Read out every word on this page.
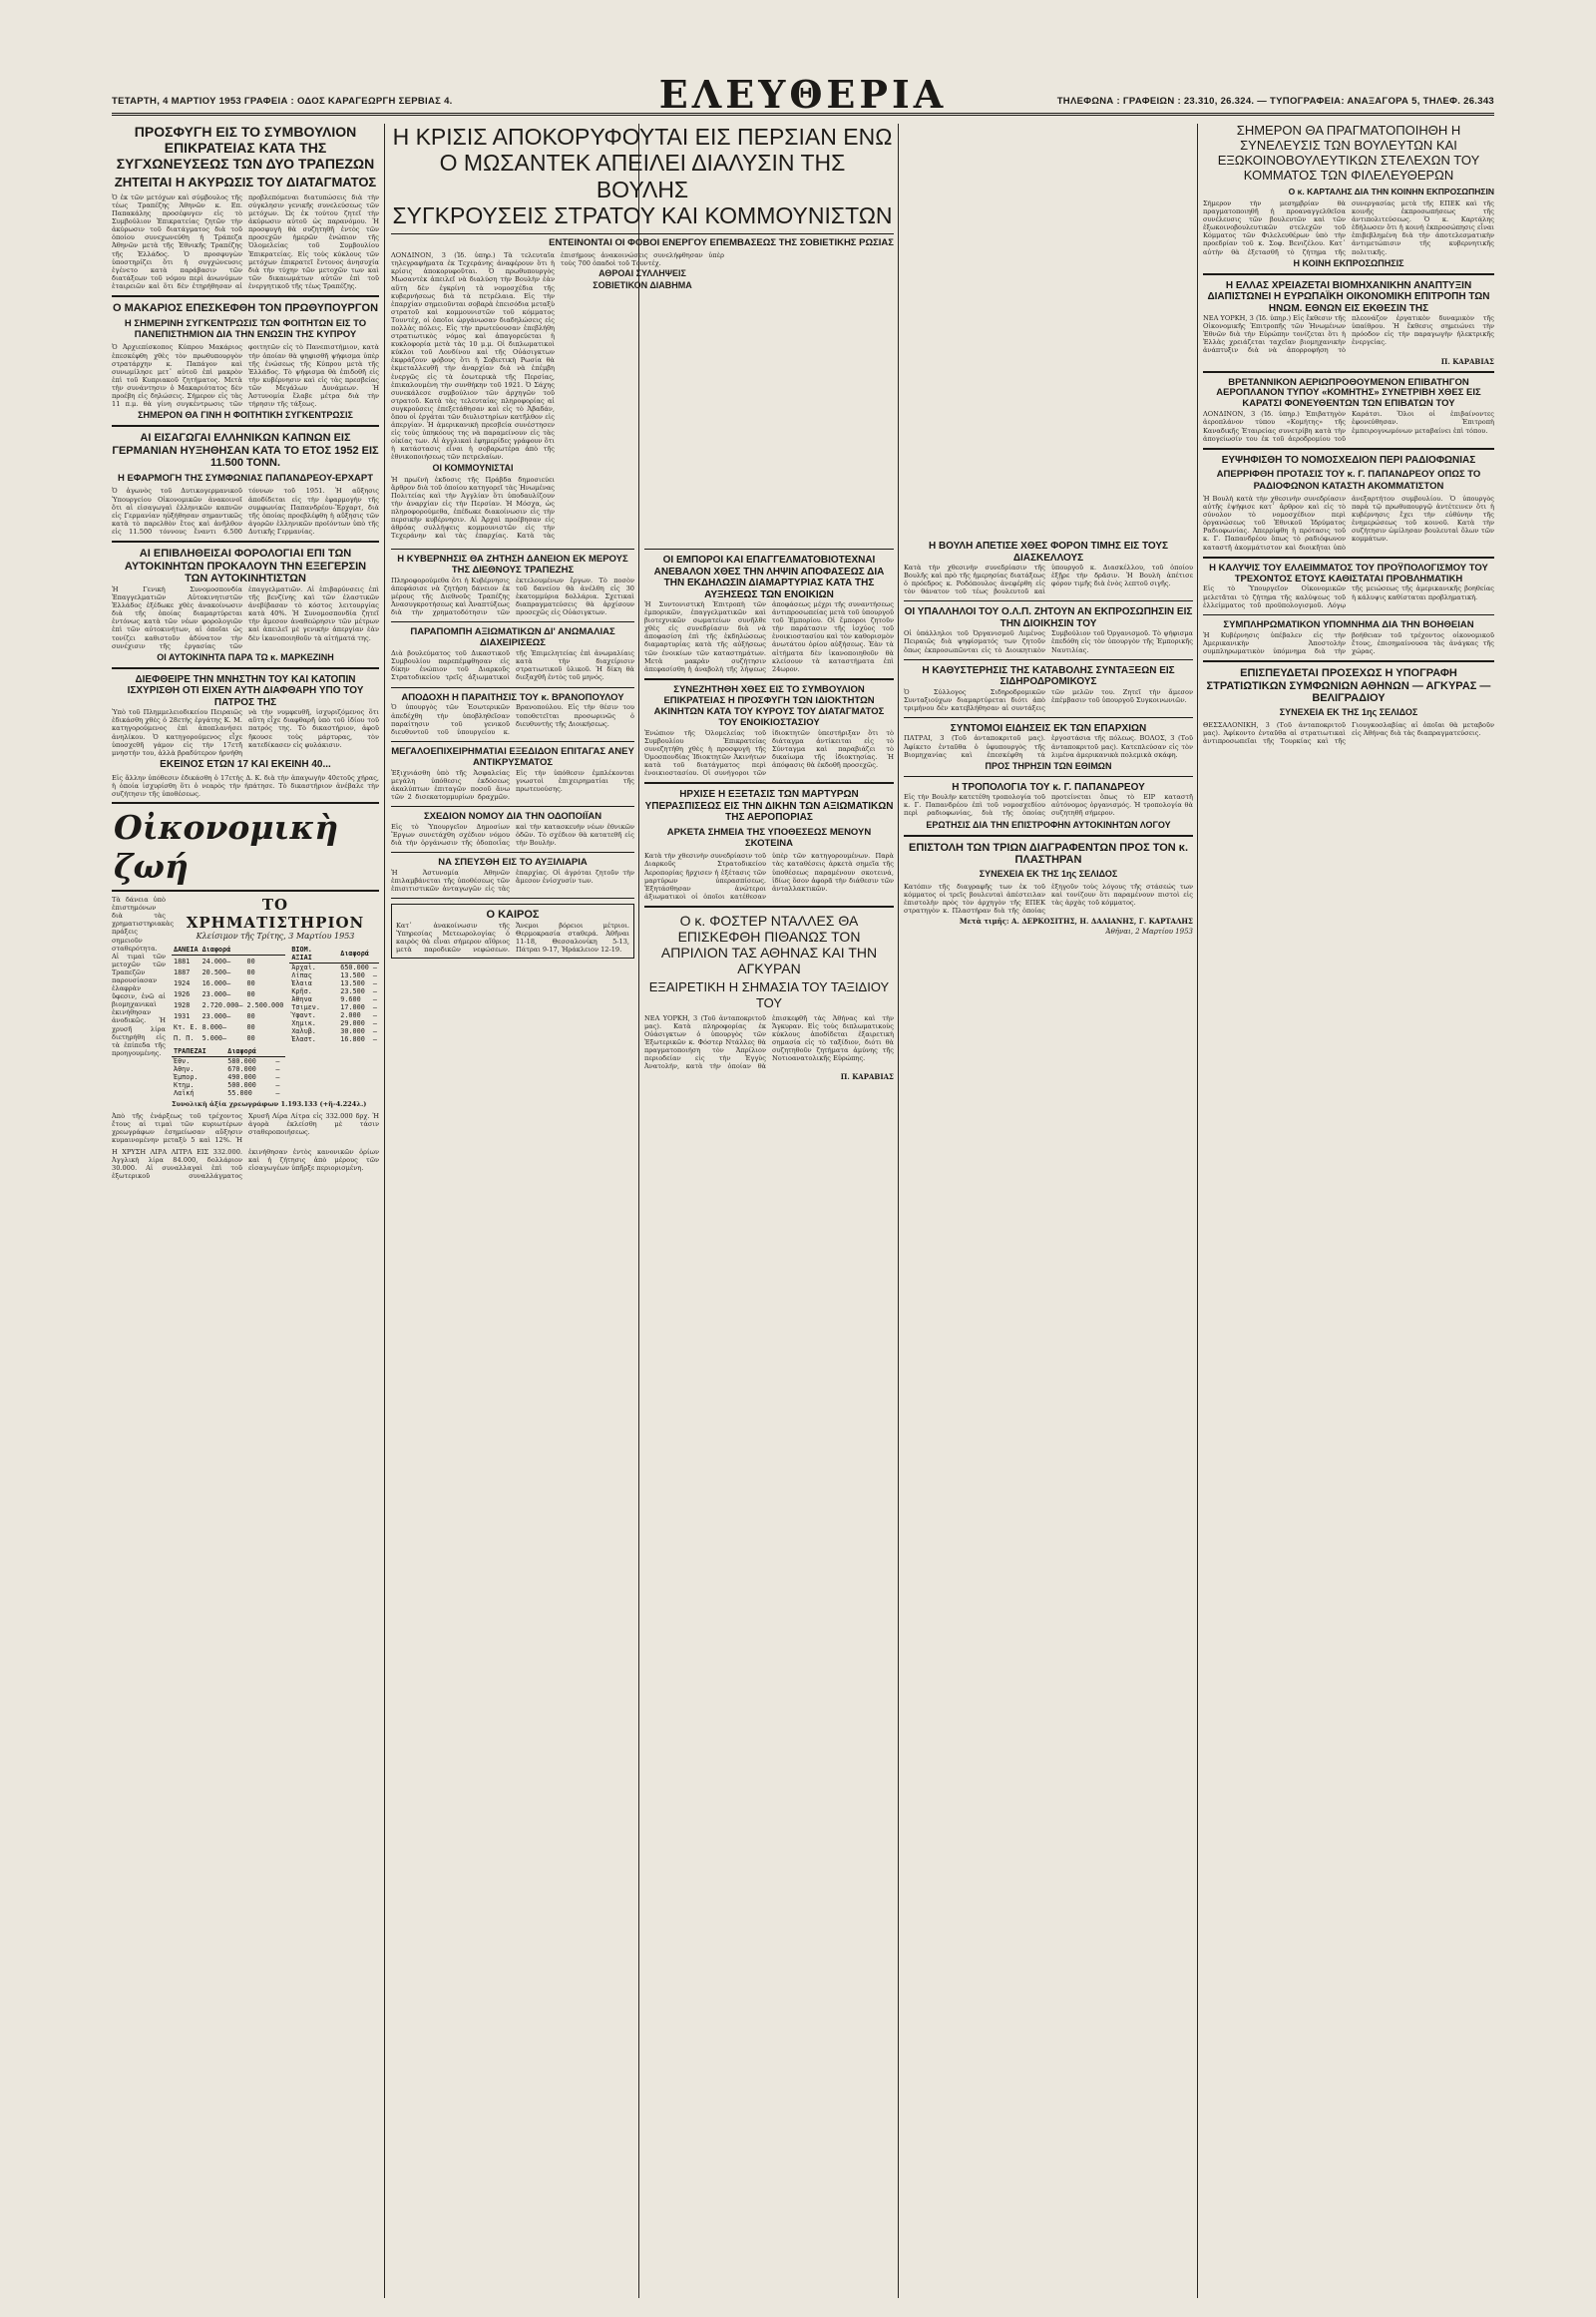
ΤΕΤΑΡΤΗ, 4 ΜΑΡΤΙΟΥ 1953 ΓΡΑΦΕΙΑ : ΟΔΟΣ ΚΑΡΑΓΕΩΡΓΗ ΣΕΡΒΙΑΣ 4.	ΕΛΕΥΘΕΡΙΑ	ΤΗΛΕΦΩΝΑ : ΓΡΑΦΕΙΩΝ : 23.310, 26.324. — ΤΥΠΟΓΡΑΦΕΙΑ: ΑΝΑΞΑΓΟΡΑ 5, ΤΗΛΕΦ. 26.343
ΠΡΟΣΦΥΓΗ ΕΙΣ ΤΟ ΣΥΜΒΟΥΛΙΟΝ ΕΠΙΚΡΑΤΕΙΑΣ ΚΑΤΑ ΤΗΣ ΣΥΓΧΩΝΕΥΣΕΩΣ ΤΩΝ ΔΥΟ ΤΡΑΠΕΖΩΝ
ΖΗΤΕΙΤΑΙ Η ΑΚΥΡΩΣΙΣ ΤΟΥ ΔΙΑΤΑΓΜΑΤΟΣ
Ὁ ἐκ τῶν μετόχων καὶ σύμβουλος τῆς τέως Τραπέζης Ἀθηνῶν κ. Επ. Παπακάλης προσέφυγεν εἰς τὸ Συμβούλιον Ἐπικρατείας ζητῶν τὴν ἀκύρωσιν τοῦ διατάγματος διὰ τοῦ ὁποίου συνεχωνεύθη ἡ Τράπεζα Ἀθηνῶν μετὰ τῆς Ἐθνικῆς Τραπέζης τῆς Ἑλλάδος. Ὁ προσφυγὼν ὑποστηρίζει ὅτι ἡ συγχώνευσις ἐγένετο κατὰ παράβασιν τῶν διατάξεων τοῦ νόμου περὶ ἀνωνύμων ἑταιρειῶν καὶ ὅτι δὲν ἐτηρήθησαν αἱ προβλεπόμεναι διατυπώσεις διὰ τὴν σύγκλησιν γενικῆς συνελεύσεως τῶν μετόχων. Ὡς ἐκ τούτου ζητεῖ τὴν ἀκύρωσιν αὐτοῦ ὡς παρανόμου. Ἡ προσφυγὴ θὰ συζητηθῆ ἐντὸς τῶν προσεχῶν ἡμερῶν ἐνώπιον τῆς Ὁλομελείας τοῦ Συμβουλίου Ἐπικρατείας. Εἰς τοὺς κύκλους τῶν μετόχων ἐπικρατεῖ ἔντονος ἀνησυχία διὰ τὴν τύχην τῶν μετοχῶν των καὶ τῶν δικαιωμάτων αὐτῶν ἐπὶ τοῦ ἐνεργητικοῦ τῆς τέως Τραπέζης.
Ο ΜΑΚΑΡΙΟΣ ΕΠΕΣΚΕΦΘΗ ΤΟΝ ΠΡΩΘΥΠΟΥΡΓΟΝ
Η ΣΗΜΕΡΙΝΗ ΣΥΓΚΕΝΤΡΩΣΙΣ ΤΩΝ ΦΟΙΤΗΤΩΝ ΕΙΣ ΤΟ ΠΑΝΕΠΙΣΤΗΜΙΟΝ ΔΙΑ ΤΗΝ ΕΝΩΣΙΝ ΤΗΣ ΚΥΠΡΟΥ
Ὁ Ἀρχιεπίσκοπος Κύπρου Μακάριος ἐπεσκέφθη χθὲς τὸν πρωθυπουργὸν στρατάρχην κ. Παπάγον καὶ συνωμίλησε μετ᾽ αὐτοῦ ἐπὶ μακρὸν ἐπὶ τοῦ Κυπριακοῦ ζητήματος. Μετὰ τὴν συνάντησιν ὁ Μακαριότατος δὲν προέβη εἰς δηλώσεις. Σήμερον εἰς τὰς 11 π.μ. θὰ γίνη συγκέντρωσις τῶν φοιτητῶν εἰς τὸ Πανεπιστήμιον, κατὰ τὴν ὁποίαν θὰ ψηφισθῆ ψήφισμα ὑπὲρ τῆς ἑνώσεως τῆς Κύπρου μετὰ τῆς Ἑλλάδος. Τὸ ψήφισμα θὰ ἐπιδοθῆ εἰς τὴν κυβέρνησιν καὶ εἰς τὰς πρεσβείας τῶν Μεγάλων Δυνάμεων. Ἡ Ἀστυνομία ἔλαβε μέτρα διὰ τὴν τήρησιν τῆς τάξεως.
ΣΗΜΕΡΟΝ ΘΑ ΓΙΝΗ Η ΦΟΙΤΗΤΙΚΗ ΣΥΓΚΕΝΤΡΩΣΙΣ
ΑΙ ΕΙΣΑΓΩΓΑΙ ΕΛΛΗΝΙΚΩΝ ΚΑΠΝΩΝ ΕΙΣ ΓΕΡΜΑΝΙΑΝ ΗΥΞΗΘΗΣΑΝ ΚΑΤΑ ΤΟ ΕΤΟΣ 1952 ΕΙΣ 11.500 ΤΟΝΝ.
Η ΕΦΑΡΜΟΓΗ ΤΗΣ ΣΥΜΦΩΝΙΑΣ ΠΑΠΑΝΔΡΕΟΥ-ΕΡΧΑΡΤ
Ὁ ἀγωνὸς τοῦ Δυτικογερμανικοῦ Ὑπουργείου Οἰκονομικῶν ἀνακοινοῖ ὅτι αἱ εἰσαγωγαὶ ἑλληνικῶν καπνῶν εἰς Γερμανίαν ηὐξήθησαν σημαντικῶς κατὰ τὸ παρελθὸν ἔτος καὶ ἀνῆλθον εἰς 11.500 τόννους ἔναντι 6.500 τόννων τοῦ 1951. Ἡ αὔξησις ἀποδίδεται εἰς τὴν ἐφαρμογὴν τῆς συμφωνίας Παπανδρέου-Ἔρχαρτ, διὰ τῆς ὁποίας προεβλέφθη ἡ αὔξησις τῶν ἀγορῶν ἑλληνικῶν προϊόντων ὑπὸ τῆς Δυτικῆς Γερμανίας.
ΑΙ ΕΠΙΒΛΗΘΕΙΣΑΙ ΦΟΡΟΛΟΓΙΑΙ ΕΠΙ ΤΩΝ ΑΥΤΟΚΙΝΗΤΩΝ ΠΡΟΚΑΛΟΥΝ ΤΗΝ ΕΞΕΓΕΡΣΙΝ ΤΩΝ ΑΥΤΟΚΙΝΗΤΙΣΤΩΝ
Ἡ Γενικὴ Συνομοσπονδία Ἐπαγγελματιῶν Αὐτοκινητιστῶν Ἑλλάδος ἐξέδωκε χθὲς ἀνακοίνωσιν διὰ τῆς ὁποίας διαμαρτύρεται ἐντόνως κατὰ τῶν νέων φορολογιῶν ἐπὶ τῶν αὐτοκινήτων, αἱ ὁποῖαι ὡς τονίζει καθιστοῦν ἀδύνατον τὴν συνέχισιν τῆς ἐργασίας τῶν ἐπαγγελματιῶν. Αἱ ἐπιβαρύνσεις ἐπὶ τῆς βενζίνης καὶ τῶν ἐλαστικῶν ἀνεβίβασαν τὸ κόστος λειτουργίας κατὰ 40%. Ἡ Συνομοσπονδία ζητεῖ τὴν ἄμεσον ἀναθεώρησιν τῶν μέτρων καὶ ἀπειλεῖ μὲ γενικὴν ἀπεργίαν ἐὰν δὲν ἱκανοποιηθοῦν τὰ αἰτήματά της.
ΟΙ ΑΥΤΟΚΙΝΗΤΑ ΠΑΡΑ ΤΩ κ. ΜΑΡΚΕΖΙΝΗ
ΔΙΕΦΘΕΙΡΕ ΤΗΝ ΜΝΗΣΤΗΝ ΤΟΥ ΚΑΙ ΚΑΤΟΠΙΝ ΙΣΧΥΡΙΣΘΗ ΟΤΙ ΕΙΧΕΝ ΑΥΤΗ ΔΙΑΦΘΑΡΗ ΥΠΟ ΤΟΥ ΠΑΤΡΟΣ ΤΗΣ
Ὑπὸ τοῦ Πλημμελειοδικείου Πειραιῶς ἐδικάσθη χθὲς ὁ 28ετὴς ἐργάτης Κ. Μ. κατηγορούμενος ἐπὶ ἀποπλανήσει ἀνηλίκου. Ὁ κατηγορούμενος εἶχε ὑποσχεθῆ γάμον εἰς τὴν 17ετῆ μνηστήν του, ἀλλὰ βραδύτερον ἠρνήθη νὰ τὴν νυμφευθῆ, ἰσχυριζόμενος ὅτι αὕτη εἶχε διαφθαρῆ ὑπὸ τοῦ ἰδίου τοῦ πατρός της. Τὸ δικαστήριον, ἀφοῦ ἤκουσε τοὺς μάρτυρας, τὸν κατεδίκασεν εἰς φυλάκισιν.
ΕΚΕΙΝΟΣ ΕΤΩΝ 17 ΚΑΙ ΕΚΕΙΝΗ 40...
Εἰς ἄλλην ὑπόθεσιν ἐδικάσθη ὁ 17ετὴς Δ. Κ. διὰ τὴν ἀπαγωγὴν 40ετοῦς χήρας, ἡ ὁποία ἰσχυρίσθη ὅτι ὁ νεαρὸς τὴν ἠπάτησε. Τὸ δικαστήριον ἀνέβαλε τὴν συζήτησιν τῆς ὑποθέσεως.
Οἰκονομικὴ ζωή
Τὰ δάνεια ὑπὸ ἐπιστημόνων διὰ τὰς χρηματιστηριακὰς πράξεις σημειοῦν σταθερότητα. Αἱ τιμαὶ τῶν μετοχῶν τῶν Τραπεζῶν παρουσίασαν ἐλαφρὰν ὕφεσιν, ἐνῶ αἱ βιομηχανικαὶ ἐκινήθησαν ἀνοδικῶς. Ἡ χρυσῆ λίρα διετηρήθη εἰς τὰ ἐπίπεδα τῆς προηγουμένης.
ΤΟ ΧΡΗΜΑΤΙΣΤΗΡΙΟΝ
Κλείσιμον τῆς Τρίτης, 3 Μαρτίου 1953
ΔΑΝΕΙΑ	Διαφορά	
1881	24.000—	00
1887	20.500—	00
1924	16.000—	00
1926	23.000—	00
1928	2.720.000—	2.500.000
1931	23.000—	00
Κτ. Ε.	8.000—	00
Π. Π.	5.000—	00
ΒΙΟΜ. ΑΞΙΑΙ	Διαφορά	
Ἀρχαὶ.	650.000	—
Λίπας	13.500	—
Ἑλαια	13.500	—
Κρῆσ.	23.500	—
Ἀθηνα	9.600	—
Τσιμεν.	17.000	—
Ὑφαντ.	2.000	—
Χημικ.	29.000	—
Χαλυβ.	30.000	—
Ἐλαστ.	16.800	—
ΤΡΑΠΕΖΑΙ	Διαφορά	
Ἐθν.	580.000	—
Ἀθην.	670.000	—
Ἐμπορ.	490.000	—
Κτημ.	500.000	—
Λαϊκή	55.000	—
Συνολικὴ ἀξία χρεωγράφων 1.193.133 (+ἢ-4.224λ.)
Ἀπὸ τῆς ἐνάρξεως τοῦ τρέχοντος ἔτους αἱ τιμαὶ τῶν κυριωτέρων χρεωγράφων ἐσημείωσαν αὔξησιν κυμαινομένην μεταξὺ 5 καὶ 12%. Ἡ Χρυσῆ Λίρα Λίτρα εἰς 332.000 δρχ. Ἡ ἀγορὰ ἐκλείσθη μὲ τάσιν σταθεροποιήσεως.
Η ΧΡΥΣΗ ΛΙΡΑ ΛΙΤΡΑ ΕΙΣ 332.000. Ἀγγλικὴ λίρα 84.000, δολλάριον 30.000. Αἱ συναλλαγαὶ ἐπὶ τοῦ ἐξωτερικοῦ συναλλάγματος ἐκινήθησαν ἐντὸς κανονικῶν ὁρίων καὶ ἡ ζήτησις ἀπὸ μέρους τῶν εἰσαγωγέων ὑπῆρξε περιορισμένη.
Η ΚΡΙΣΙΣ ΑΠΟΚΟΡΥΦΟΥΤΑΙ ΕΙΣ ΠΕΡΣΙΑΝ ΕΝΩ
Ο ΜΩΣΑΝΤΕΚ ΑΠΕΙΛΕΙ ΔΙΑΛΥΣΙΝ ΤΗΣ ΒΟΥΛΗΣ
ΣΥΓΚΡΟΥΣΕΙΣ ΣΤΡΑΤΟΥ ΚΑΙ ΚΟΜΜΟΥΝΙΣΤΩΝ
ΕΝΤΕΙΝΟΝΤΑΙ ΟΙ ΦΟΒΟΙ ΕΝΕΡΓΟΥ ΕΠΕΜΒΑΣΕΩΣ ΤΗΣ ΣΟΒΙΕΤΙΚΗΣ ΡΩΣΙΑΣ
ΛΟΝΔΙΝΟΝ, 3 (Ἰδ. ὑπηρ.) Τὰ τελευταῖα τηλεγραφήματα ἐκ Τεχεράνης ἀναφέρουν ὅτι ἡ κρίσις ἀποκορυφοῦται. Ὁ πρωθυπουργὸς Μωσαντὲκ ἀπειλεῖ νὰ διαλύση τὴν Βουλὴν ἐὰν αὕτη δὲν ἐγκρίνη τὰ νομοσχέδια τῆς κυβερνήσεως διὰ τὰ πετρέλαια. Εἰς τὴν ἐπαρχίαν σημειοῦνται σοβαρὰ ἐπεισόδια μεταξὺ στρατοῦ καὶ κομμουνιστῶν τοῦ κόμματος Τουντέχ, οἱ ὁποῖοι ὠργάνωσαν διαδηλώσεις εἰς πολλὰς πόλεις. Εἰς τὴν πρωτεύουσαν ἐπεβλήθη στρατιωτικὸς νόμος καὶ ἀπαγορεύεται ἡ κυκλοφορία μετὰ τὰς 10 μ.μ. Οἱ διπλωματικοὶ κύκλοι τοῦ Λονδίνου καὶ τῆς Οὐάσιγκτων ἐκφράζουν φόβους ὅτι ἡ Σοβιετικὴ Ρωσία θὰ ἐκμεταλλευθῆ τὴν ἀναρχίαν διὰ νὰ ἐπέμβη ἐνεργῶς εἰς τὰ ἐσωτερικὰ τῆς Περσίας, ἐπικαλουμένη τὴν συνθήκην τοῦ 1921. Ὁ Σάχης συνεκάλεσε συμβούλιον τῶν ἀρχηγῶν τοῦ στρατοῦ. Κατὰ τὰς τελευταίας πληροφορίας αἱ συγκρούσεις ἐπεξετάθησαν καὶ εἰς τὸ Ἀβαδάν, ὅπου οἱ ἐργάται τῶν διυλιστηρίων κατῆλθον εἰς ἀπεργίαν. Ἡ ἀμερικανικὴ πρεσβεία συνέστησεν εἰς τοὺς ὑπηκόους της νὰ παραμείνουν εἰς τὰς οἰκίας των. Αἱ ἀγγλικαὶ ἐφημερίδες γράφουν ὅτι ἡ κατάστασις εἶναι ἡ σοβαρωτέρα ἀπὸ τῆς ἐθνικοποιήσεως τῶν πετρελαίων.
ΟΙ ΚΟΜΜΟΥΝΙΣΤΑΙ
Ἡ πρωϊνὴ ἐκδοσις τῆς Πράβδα δημοσιεύει ἄρθρον διὰ τοῦ ὁποίου κατηγορεῖ τὰς Ἡνωμένας Πολιτείας καὶ τὴν Ἀγγλίαν ὅτι ὑποδαυλίζουν τὴν ἀναρχίαν εἰς τὴν Περσίαν. Ἡ Μόσχα, ὡς πληροφορούμεθα, ἐπέδωκε διακοίνωσιν εἰς τὴν περσικὴν κυβέρνησιν. Αἱ Ἀρχαὶ προέβησαν εἰς ἀθρόας συλλήψεις κομμουνιστῶν εἰς τὴν Τεχεράνην καὶ τὰς ἐπαρχίας. Κατὰ τὰς ἐπισήμους ἀνακοινώσεις συνελήφθησαν ὑπὲρ τοὺς 700 ὁπαδοὶ τοῦ Τουντέχ.
ΑΘΡΟΑΙ ΣΥΛΛΗΨΕΙΣ
ΣΟΒΙΕΤΙΚΟΝ ΔΙΑΒΗΜΑ
Η ΚΥΒΕΡΝΗΣΙΣ ΘΑ ΖΗΤΗΣΗ ΔΑΝΕΙΟΝ ΕΚ ΜΕΡΟΥΣ ΤΗΣ ΔΙΕΘΝΟΥΣ ΤΡΑΠΕΖΗΣ
Πληροφορούμεθα ὅτι ἡ Κυβέρνησις ἀπεφάσισε νὰ ζητήση δάνειον ἐκ μέρους τῆς Διεθνοῦς Τραπέζης Ἀνασυγκροτήσεως καὶ Ἀναπτύξεως διὰ τὴν χρηματοδότησιν τῶν ἐκτελουμένων ἔργων. Τὸ ποσὸν τοῦ δανείου θὰ ἀνέλθη εἰς 30 ἑκατομμύρια δολλάρια. Σχετικαὶ διαπραγματεύσεις θὰ ἀρχίσουν προσεχῶς εἰς Οὐάσιγκτων.
ΠΑΡΑΠΟΜΠΗ ΑΞΙΩΜΑΤΙΚΩΝ ΔΙ' ΑΝΩΜΑΛΙΑΣ ΔΙΑΧΕΙΡΙΣΕΩΣ
Διὰ βουλεύματος τοῦ Δικαστικοῦ Συμβουλίου παρεπέμφθησαν εἰς δίκην ἐνώπιον τοῦ Διαρκοῦς Στρατοδικείου τρεῖς ἀξιωματικοὶ τῆς Ἐπιμελητείας ἐπὶ ἀνωμαλίαις κατὰ τὴν διαχείρισιν στρατιωτικοῦ ὑλικοῦ. Ἡ δίκη θὰ διεξαχθῆ ἐντὸς τοῦ μηνός.
ΑΠΟΔΟΧΗ Η ΠΑΡΑΙΤΗΣΙΣ ΤΟΥ κ. ΒΡΑΝΟΠΟΥΛΟΥ
Ὁ ὑπουργὸς τῶν Ἐσωτερικῶν ἀπεδέχθη τὴν ὑποβληθεῖσαν παραίτησιν τοῦ γενικοῦ διευθυντοῦ τοῦ ὑπουργείου κ. Βρανοπούλου. Εἰς τὴν θέσιν του τοποθετεῖται προσωρινῶς ὁ διευθυντὴς τῆς Διοικήσεως.
ΜΕΓΑΛΟΕΠΙΧΕΙΡΗΜΑΤΙΑΙ ΕΞΕΔΙΔΟΝ ΕΠΙΤΑΓΑΣ ΑΝΕΥ ΑΝΤΙΚΡΥΣΜΑΤΟΣ
Ἐξιχνιάσθη ὑπὸ τῆς Ἀσφαλείας μεγάλη ὑπόθεσις ἐκδόσεως ἀκαλύπτων ἐπιταγῶν ποσοῦ ἄνω τῶν 2 δισεκατομμυρίων δραχμῶν. Εἰς τὴν ὑπόθεσιν ἐμπλέκονται γνωστοὶ ἐπιχειρηματίαι τῆς πρωτευούσης.
ΣΧΕΔΙΟΝ ΝΟΜΟΥ ΔΙΑ ΤΗΝ ΟΔΟΠΟΙΪΑΝ
Εἰς τὸ Ὑπουργεῖον Δημοσίων Ἔργων συνετάχθη σχέδιον νόμου διὰ τὴν ὀργάνωσιν τῆς ὁδοποιΐας καὶ τὴν κατασκευὴν νέων ἐθνικῶν ὁδῶν. Τὸ σχέδιον θὰ κατατεθῆ εἰς τὴν Βουλὴν.
ΝΑ ΣΠΕΥΣΘΗ ΕΙΣ ΤΟ ΑΥΞΙΛΙΑΡΙΑ
Ἡ Ἀστυνομία Ἀθηνῶν ἐπιλαμβάνεται τῆς ὑποθέσεως τῶν ἐπισιτιστικῶν ἀνταγωγῶν εἰς τὰς ἐπαρχίας. Οἱ ἀγρόται ζητοῦν τὴν ἄμεσον ἐνίσχυσίν των.
Ο ΚΑΙΡΟΣ
Κατ᾽ ἀνακοίνωσιν τῆς Ὑπηρεσίας Μετεωρολογίας ὁ καιρὸς θὰ εἶναι σήμερον αἴθριος μετὰ παροδικῶν νεφώσεων. Ἄνεμοι βόρειοι μέτριοι. Θερμοκρασία σταθερά. Ἀθῆναι 11-18, Θεσσαλονίκη 5-13, Πάτραι 9-17, Ἡράκλειον 12-19.
ΟΙ ΕΜΠΟΡΟΙ ΚΑΙ ΕΠΑΓΓΕΛΜΑΤΟΒΙΟΤΕΧΝΑΙ ΑΝΕΒΑΛΟΝ ΧΘΕΣ ΤΗΝ ΛΗΨΙΝ ΑΠΟΦΑΣΕΩΣ ΔΙΑ ΤΗΝ ΕΚΔΗΛΩΣΙΝ ΔΙΑΜΑΡΤΥΡΙΑΣ ΚΑΤΑ ΤΗΣ ΑΥΞΗΣΕΩΣ ΤΩΝ ΕΝΟΙΚΙΩΝ
Ἡ Συντονιστικὴ Ἐπιτροπὴ τῶν ἐμπορικῶν, ἐπαγγελματικῶν καὶ βιοτεχνικῶν σωματείων συνῆλθε χθὲς εἰς συνεδρίασιν διὰ νὰ ἀποφασίση ἐπὶ τῆς ἐκδηλώσεως διαμαρτυρίας κατὰ τῆς αὐξήσεως τῶν ἐνοικίων τῶν καταστημάτων. Μετὰ μακρὰν συζήτησιν ἀπεφασίσθη ἡ ἀναβολὴ τῆς λήψεως ἀποφάσεως μέχρι τῆς συναντήσεως ἀντιπροσωπείας μετὰ τοῦ ὑπουργοῦ τοῦ Ἐμπορίου. Οἱ ἔμποροι ζητοῦν τὴν παράτασιν τῆς ἰσχύος τοῦ ἐνοικιοστασίου καὶ τὸν καθορισμὸν ἀνωτάτου ὁρίου αὐξήσεως. Ἐὰν τὰ αἰτήματα δὲν ἱκανοποιηθοῦν θὰ κλείσουν τὰ καταστήματα ἐπὶ 24ωρον.
ΣΥΝΕΖΗΤΗΘΗ ΧΘΕΣ ΕΙΣ ΤΟ ΣΥΜΒΟΥΛΙΟΝ ΕΠΙΚΡΑΤΕΙΑΣ Η ΠΡΟΣΦΥΓΗ ΤΩΝ ΙΔΙΟΚΤΗΤΩΝ ΑΚΙΝΗΤΩΝ ΚΑΤΑ ΤΟΥ ΚΥΡΟΥΣ ΤΟΥ ΔΙΑΤΑΓΜΑΤΟΣ ΤΟΥ ΕΝΟΙΚΙΟΣΤΑΣΙΟΥ
Ἐνώπιον τῆς Ὁλομελείας τοῦ Συμβουλίου Ἐπικρατείας συνεζητήθη χθὲς ἡ προσφυγὴ τῆς Ὁμοσπονδίας Ἰδιοκτητῶν Ἀκινήτων κατὰ τοῦ διατάγματος περὶ ἐνοικιοστασίου. Οἱ συνήγοροι τῶν ἰδιοκτητῶν ὑπεστήριξαν ὅτι τὸ διάταγμα ἀντίκειται εἰς τὸ Σύνταγμα καὶ παραβιάζει τὸ δικαίωμα τῆς ἰδιοκτησίας. Ἡ ἀπόφασις θὰ ἐκδοθῆ προσεχῶς.
ΗΡΧΙΣΕ Η ΕΞΕΤΑΣΙΣ ΤΩΝ ΜΑΡΤΥΡΩΝ ΥΠΕΡΑΣΠΙΣΕΩΣ ΕΙΣ ΤΗΝ ΔΙΚΗΝ ΤΩΝ ΑΞΙΩΜΑΤΙΚΩΝ ΤΗΣ ΑΕΡΟΠΟΡΙΑΣ
ΑΡΚΕΤΑ ΣΗΜΕΙΑ ΤΗΣ ΥΠΟΘΕΣΕΩΣ ΜΕΝΟΥΝ ΣΚΟΤΕΙΝΑ
Κατὰ τὴν χθεσινὴν συνεδρίασιν τοῦ Διαρκοῦς Στρατοδικείου Ἀεροπορίας ἤρχισεν ἡ ἐξέτασις τῶν μαρτύρων ὑπερασπίσεως. Ἐξητάσθησαν ἀνώτεροι ἀξιωματικοὶ οἱ ὁποῖοι κατέθεσαν ὑπὲρ τῶν κατηγορουμένων. Παρὰ τὰς καταθέσεις ἀρκετὰ σημεῖα τῆς ὑποθέσεως παραμένουν σκοτεινά, ἰδίως ὅσον ἀφορᾶ τὴν διάθεσιν τῶν ἀνταλλακτικῶν.
Ο κ. ΦΟΣΤΕΡ ΝΤΑΛΛΕΣ ΘΑ ΕΠΙΣΚΕΦΘΗ ΠΙΘΑΝΩΣ ΤΟΝ ΑΠΡΙΛΙΟΝ ΤΑΣ ΑΘΗΝΑΣ ΚΑΙ ΤΗΝ ΑΓΚΥΡΑΝ
ΕΞΑΙΡΕΤΙΚΗ Η ΣΗΜΑΣΙΑ ΤΟΥ ΤΑΞΙΔΙΟΥ ΤΟΥ
ΝΕΑ ΥΟΡΚΗ, 3 (Τοῦ ἀνταποκριτοῦ μας). Κατὰ πληροφορίας ἐκ Οὐάσιγκτων ὁ ὑπουργὸς τῶν Ἐξωτερικῶν κ. Φόστερ Ντάλλες θὰ πραγματοποιήση τὸν Ἀπρίλιον περιοδείαν εἰς τὴν Ἐγγὺς Ἀνατολήν, κατὰ τὴν ὁποίαν θὰ ἐπισκεφθῆ τὰς Ἀθήνας καὶ τὴν Ἄγκυραν. Εἰς τοὺς διπλωματικοὺς κύκλους ἀποδίδεται ἐξαιρετικὴ σημασία εἰς τὸ ταξίδιον, διότι θὰ συζητηθοῦν ζητήματα ἀμύνης τῆς Νοτιοανατολικῆς Εὐρώπης.
Π. ΚΑΡΑΒΙΑΣ
Η ΒΟΥΛΗ ΑΠΕΤΙΣΕ ΧΘΕΣ ΦΟΡΟΝ ΤΙΜΗΣ ΕΙΣ ΤΟΥΣ ΔΙΑΣΚΕΛΛΟΥΣ
Κατὰ τὴν χθεσινὴν συνεδρίασιν τῆς Βουλῆς καὶ πρὸ τῆς ἡμερησίας διατάξεως ὁ πρόεδρος κ. Ροδόπουλος ἀνεφέρθη εἰς τὸν θάνατον τοῦ τέως βουλευτοῦ καὶ ὑπουργοῦ κ. Διασκέλλου, τοῦ ὁποίου ἐξῇρε τὴν δρᾶσιν. Ἡ Βουλὴ ἀπέτισε φόρον τιμῆς διὰ ἐνὸς λεπτοῦ σιγῆς.
ΟΙ ΥΠΑΛΛΗΛΟΙ ΤΟΥ Ο.Λ.Π. ΖΗΤΟΥΝ ΑΝ ΕΚΠΡΟΣΩΠΗΣΙΝ ΕΙΣ ΤΗΝ ΔΙΟΙΚΗΣΙΝ ΤΟΥ
Οἱ ὑπάλληλοι τοῦ Ὀργανισμοῦ Λιμένος Πειραιῶς διὰ ψηφίσματός των ζητοῦν ὅπως ἐκπροσωπῶνται εἰς τὸ Διοικητικὸν Συμβούλιον τοῦ Ὀργανισμοῦ. Τὸ ψήφισμα ἐπεδόθη εἰς τὸν ὑπουργὸν τῆς Ἐμπορικῆς Ναυτιλίας.
Η ΚΑΘΥΣΤΕΡΗΣΙΣ ΤΗΣ ΚΑΤΑΒΟΛΗΣ ΣΥΝΤΑΞΕΩΝ ΕΙΣ ΣΙΔΗΡΟΔΡΟΜΙΚΟΥΣ
Ὁ Σύλλογος Σιδηροδρομικῶν Συνταξιούχων διαμαρτύρεται διότι ἀπὸ τριμήνου δὲν κατεβλήθησαν αἱ συντάξεις τῶν μελῶν του. Ζητεῖ τὴν ἄμεσον ἐπέμβασιν τοῦ ὑπουργοῦ Συγκοινωνιῶν.
ΣΥΝΤΟΜΟΙ ΕΙΔΗΣΕΙΣ ΕΚ ΤΩΝ ΕΠΑΡΧΙΩΝ
ΠΑΤΡΑΙ, 3 (Τοῦ ἀνταποκριτοῦ μας). Ἀφίκετο ἐνταῦθα ὁ ὑφυπουργὸς τῆς Βιομηχανίας καὶ ἐπεσκέφθη τὰ ἐργοστάσια τῆς πόλεως. ΒΟΛΟΣ, 3 (Τοῦ ἀνταποκριτοῦ μας). Κατεπλεύσαν εἰς τὸν λιμένα ἀμερικανικὰ πολεμικὰ σκάφη.
ΠΡΟΣ ΤΗΡΗΣΙΝ ΤΩΝ ΕΘΙΜΩΝ
Η ΤΡΟΠΟΛΟΓΙΑ ΤΟΥ κ. Γ. ΠΑΠΑΝΔΡΕΟΥ
Εἰς τὴν Βουλὴν κατετέθη τροπολογία τοῦ κ. Γ. Παπανδρέου ἐπὶ τοῦ νομοσχεδίου περὶ ραδιοφωνίας, διὰ τῆς ὁποίας προτείνεται ὅπως τὸ ΕΙΡ καταστῆ αὐτόνομος ὀργανισμός. Ἡ τροπολογία θὰ συζητηθῆ σήμερον.
ΕΡΩΤΗΣΙΣ ΔΙΑ ΤΗΝ ΕΠΙΣΤΡΟΦΗΝ ΑΥΤΟΚΙΝΗΤΩΝ ΛΟΓΟΥ
ΕΠΙΣΤΟΛΗ ΤΩΝ ΤΡΙΩΝ ΔΙΑΓΡΑΦΕΝΤΩΝ ΠΡΟΣ ΤΟΝ κ. ΠΛΑΣΤΗΡΑΝ
ΣΥΝΕΧΕΙΑ ΕΚ ΤΗΣ 1ης ΣΕΛΙΔΟΣ
Κατόπιν τῆς διαγραφῆς των ἐκ τοῦ κόμματος οἱ τρεῖς βουλευταὶ ἀπέστειλαν ἐπιστολὴν πρὸς τὸν ἀρχηγὸν τῆς ΕΠΕΚ στρατηγὸν κ. Πλαστήραν διὰ τῆς ὁποίας ἐξηγοῦν τοὺς λόγους τῆς στάσεώς των καὶ τονίζουν ὅτι παραμένουν πιστοὶ εἰς τὰς ἀρχὰς τοῦ κόμματος.
Μετὰ τιμῆς: Α. ΔΕΡΚΟΣΙΤΗΣ, Η. ΔΑΛΙΑΝΗΣ, Γ. ΚΑΡΤΑΛΗΣ
Ἀθῆναι, 2 Μαρτίου 1953
ΣΗΜΕΡΟΝ ΘΑ ΠΡΑΓΜΑΤΟΠΟΙΗΘΗ Η ΣΥΝΕΛΕΥΣΙΣ ΤΩΝ ΒΟΥΛΕΥΤΩΝ ΚΑΙ ΕΞΩΚΟΙΝΟΒΟΥΛΕΥΤΙΚΩΝ ΣΤΕΛΕΧΩΝ ΤΟΥ ΚΟΜΜΑΤΟΣ ΤΩΝ ΦΙΛΕΛΕΥΘΕΡΩΝ
Ο κ. ΚΑΡΤΑΛΗΣ ΔΙΑ ΤΗΝ ΚΟΙΝΗΝ ΕΚΠΡΟΣΩΠΗΣΙΝ
Σήμερον τὴν μεσημβρίαν θὰ πραγματοποιηθῆ ἡ προαναγγελθεῖσα συνέλευσις τῶν βουλευτῶν καὶ τῶν ἐξωκοινοβουλευτικῶν στελεχῶν τοῦ Κόμματος τῶν Φιλελευθέρων ὑπὸ τὴν προεδρίαν τοῦ κ. Σοφ. Βενιζέλου. Κατ᾽ αὐτὴν θὰ ἐξετασθῆ τὸ ζήτημα τῆς συνεργασίας μετὰ τῆς ΕΠΕΚ καὶ τῆς κοινῆς ἐκπροσωπήσεως τῆς ἀντιπολιτεύσεως. Ὁ κ. Καρτάλης ἐδήλωσεν ὅτι ἡ κοινὴ ἐκπροσώπησις εἶναι ἐπιβεβλημένη διὰ τὴν ἀποτελεσματικὴν ἀντιμετώπισιν τῆς κυβερνητικῆς πολιτικῆς.
Η ΚΟΙΝΗ ΕΚΠΡΟΣΩΠΗΣΙΣ
Η ΕΛΛΑΣ ΧΡΕΙΑΖΕΤΑΙ ΒΙΟΜΗΧΑΝΙΚΗΝ ΑΝΑΠΤΥΞΙΝ ΔΙΑΠΙΣΤΩΝΕΙ Η ΕΥΡΩΠΑΪΚΗ ΟΙΚΟΝΟΜΙΚΗ ΕΠΙΤΡΟΠΗ ΤΩΝ ΗΝΩΜ. ΕΘΝΩΝ ΕΙΣ ΕΚΘΕΣΙΝ ΤΗΣ
ΝΕΑ ΥΟΡΚΗ, 3 (Ἰδ. ὑπηρ.) Εἰς ἔκθεσιν τῆς Οἰκονομικῆς Ἐπιτροπῆς τῶν Ἡνωμένων Ἐθνῶν διὰ τὴν Εὐρώπην τονίζεται ὅτι ἡ Ἑλλὰς χρειάζεται ταχεῖαν βιομηχανικὴν ἀνάπτυξιν διὰ νὰ ἀπορροφήση τὸ πλεονάζον ἐργατικὸν δυναμικὸν τῆς ὑπαίθρου. Ἡ ἔκθεσις σημειώνει τὴν πρόοδον εἰς τὴν παραγωγὴν ἠλεκτρικῆς ἐνεργείας.
Π. ΚΑΡΑΒΙΑΣ
ΒΡΕΤΑΝΝΙΚΟΝ ΑΕΡΙΩΠΡΟΘΟΥΜΕΝΟΝ ΕΠΙΒΑΤΗΓΟΝ ΑΕΡΟΠΛΑΝΟΝ ΤΥΠΟΥ «ΚΟΜΗΤΗΣ» ΣΥΝΕΤΡΙΒΗ ΧΘΕΣ ΕΙΣ ΚΑΡΑΤΣΙ ΦΟΝΕΥΘΕΝΤΩΝ ΤΩΝ ΕΠΙΒΑΤΩΝ ΤΟΥ
ΛΟΝΔΙΝΟΝ, 3 (Ἰδ. ὑπηρ.) Ἐπιβατηγὸν ἀεροπλάνον τύπου «Κομήτης» τῆς Καναδικῆς Ἑταιρείας συνετρίβη κατὰ τὴν ἀπογείωσίν του ἐκ τοῦ ἀεροδρομίου τοῦ Καράτσι. Ὅλοι οἱ ἐπιβαίνοντες ἐφονεύθησαν. Ἐπιτροπὴ ἐμπειρογνωμόνων μεταβαίνει ἐπὶ τόπου.
ΕΥΨΗΦΙΣΘΗ ΤΟ ΝΟΜΟΣΧΕΔΙΟΝ ΠΕΡΙ ΡΑΔΙΟΦΩΝΙΑΣ
ΑΠΕΡΡΙΦΘΗ ΠΡΟΤΑΣΙΣ ΤΟΥ κ. Γ. ΠΑΠΑΝΔΡΕΟΥ ΟΠΩΣ ΤΟ ΡΑΔΙΟΦΩΝΟΝ ΚΑΤΑΣΤΗ ΑΚΟΜΜΑΤΙΣΤΟΝ
Ἡ Βουλὴ κατὰ τὴν χθεσινὴν συνεδρίασιν αὐτῆς ἐψήφισε κατ᾽ ἄρθρον καὶ εἰς τὸ σύνολον τὸ νομοσχέδιον περὶ ὀργανώσεως τοῦ Ἐθνικοῦ Ἱδρύματος Ραδιοφωνίας. Ἀπερρίφθη ἡ πρότασις τοῦ κ. Γ. Παπανδρέου ὅπως τὸ ραδιόφωνον καταστῆ ἀκομμάτιστον καὶ διοικῆται ὑπὸ ἀνεξαρτήτου συμβουλίου. Ὁ ὑπουργὸς παρὰ τῷ πρωθυπουργῷ ἀντέτεινεν ὅτι ἡ κυβέρνησις ἔχει τὴν εὐθύνην τῆς ἐνημερώσεως τοῦ κοινοῦ. Κατὰ τὴν συζήτησιν ὡμίλησαν βουλευταὶ ὅλων τῶν κομμάτων.
Η ΚΑΛΥΨΙΣ ΤΟΥ ΕΛΛΕΙΜΜΑΤΟΣ ΤΟΥ ΠΡΟΫΠΟΛΟΓΙΣΜΟΥ ΤΟΥ ΤΡΕΧΟΝΤΟΣ ΕΤΟΥΣ ΚΑΘΙΣΤΑΤΑΙ ΠΡΟΒΛΗΜΑΤΙΚΗ
Εἰς τὸ Ὑπουργεῖον Οἰκονομικῶν μελετᾶται τὸ ζήτημα τῆς καλύψεως τοῦ ἐλλείμματος τοῦ προϋπολογισμοῦ. Λόγῳ τῆς μειώσεως τῆς ἀμερικανικῆς βοηθείας ἡ κάλυψις καθίσταται προβληματική.
ΣΥΜΠΛΗΡΩΜΑΤΙΚΟΝ ΥΠΟΜΝΗΜΑ ΔΙΑ ΤΗΝ ΒΟΗΘΕΙΑΝ
Ἡ Κυβέρνησις ὑπέβαλεν εἰς τὴν Ἀμερικανικὴν Ἀποστολὴν συμπληρωματικὸν ὑπόμνημα διὰ τὴν βοήθειαν τοῦ τρέχοντος οἰκονομικοῦ ἔτους, ἐπισημαίνουσα τὰς ἀνάγκας τῆς χώρας.
ΕΠΙΣΠΕΥΔΕΤΑΙ ΠΡΟΣΕΧΩΣ Η ΥΠΟΓΡΑΦΗ ΣΤΡΑΤΙΩΤΙΚΩΝ ΣΥΜΦΩΝΙΩΝ ΑΘΗΝΩΝ — ΑΓΚΥΡΑΣ — ΒΕΛΙΓΡΑΔΙΟΥ
ΣΥΝΕΧΕΙΑ ΕΚ ΤΗΣ 1ης ΣΕΛΙΔΟΣ
ΘΕΣΣΑΛΟΝΙΚΗ, 3 (Τοῦ ἀνταποκριτοῦ μας). Ἀφίκοντο ἐνταῦθα αἱ στρατιωτικαὶ ἀντιπροσωπεῖαι τῆς Τουρκίας καὶ τῆς Γιουγκοσλαβίας αἱ ὁποῖαι θὰ μεταβοῦν εἰς Ἀθήνας διὰ τὰς διαπραγματεύσεις.
